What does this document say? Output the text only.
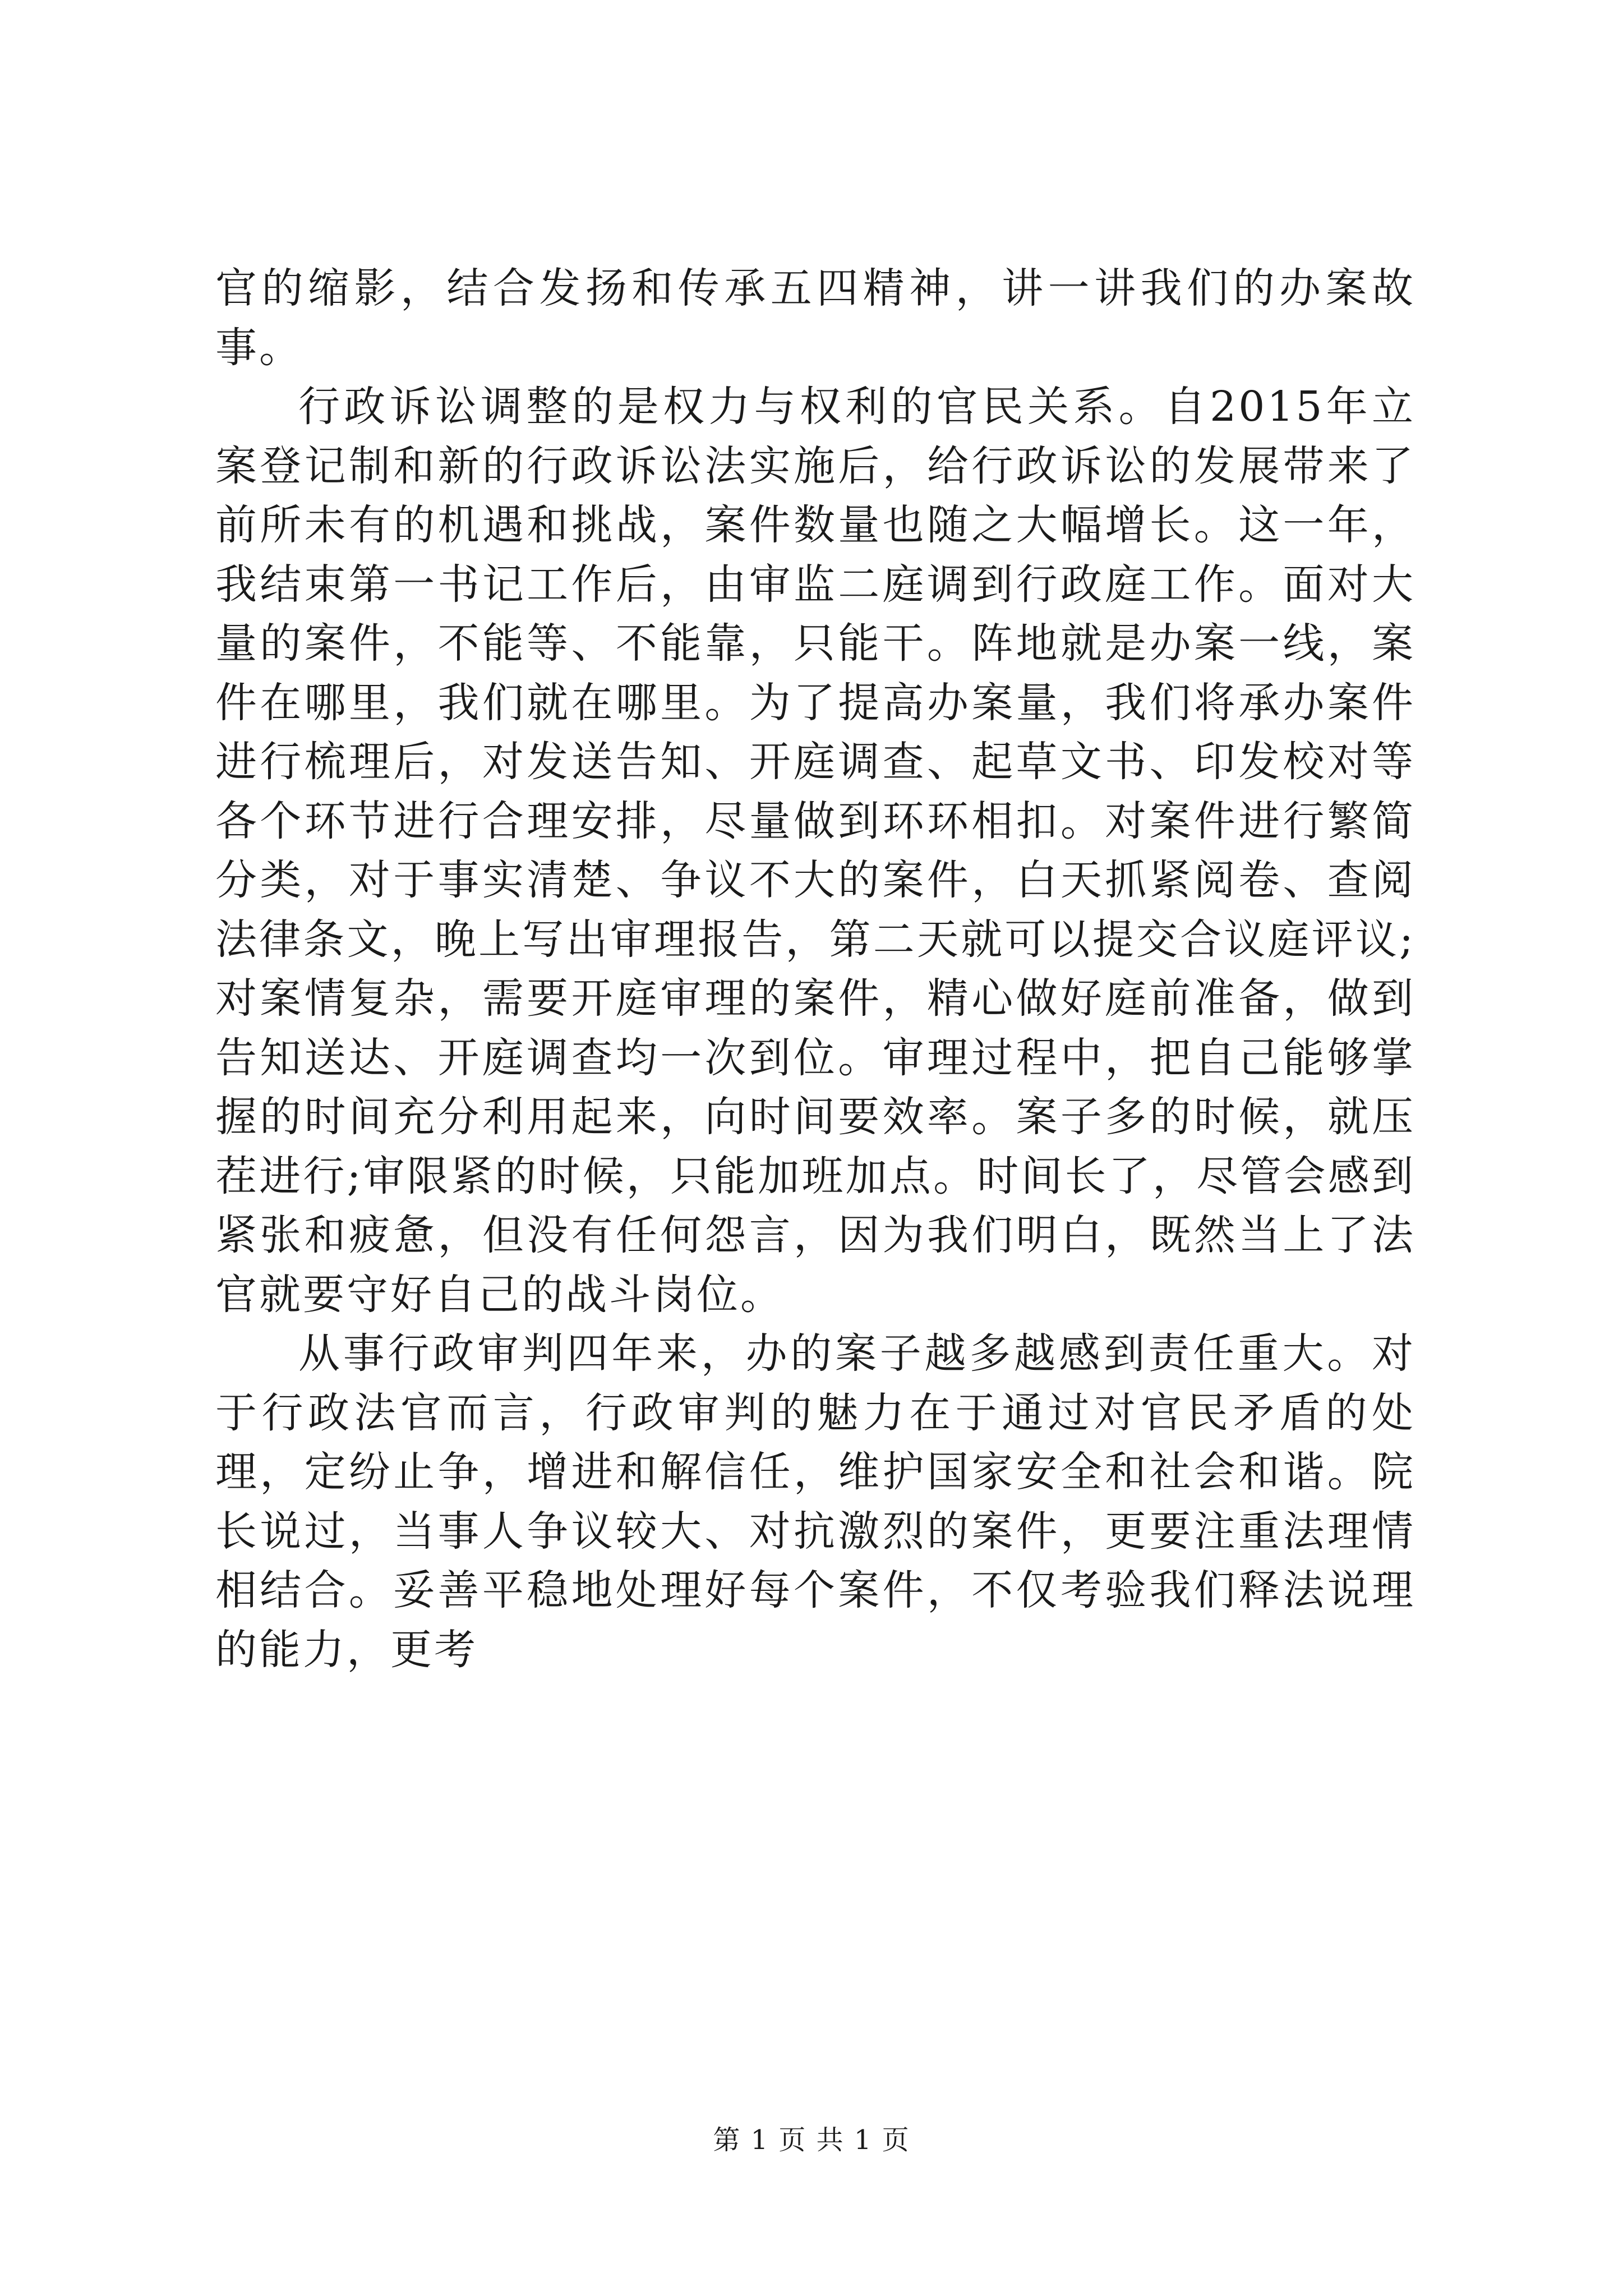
官的缩影，结合发扬和传承五四精神，讲一讲我们的办案故事。

行政诉讼调整的是权力与权利的官民关系。自2015年立案登记制和新的行政诉讼法实施后，给行政诉讼的发展带来了前所未有的机遇和挑战，案件数量也随之大幅增长。这一年，我结束第一书记工作后，由审监二庭调到行政庭工作。面对大量的案件，不能等、不能靠，只能干。阵地就是办案一线，案件在哪里，我们就在哪里。为了提高办案量，我们将承办案件进行梳理后，对发送告知、开庭调查、起草文书、印发校对等各个环节进行合理安排，尽量做到环环相扣。对案件进行繁简分类，对于事实清楚、争议不大的案件，白天抓紧阅卷、查阅法律条文，晚上写出审理报告，第二天就可以提交合议庭评议;对案情复杂，需要开庭审理的案件，精心做好庭前准备，做到告知送达、开庭调查均一次到位。审理过程中，把自己能够掌握的时间充分利用起来，向时间要效率。案子多的时候，就压茬进行;审限紧的时候，只能加班加点。时间长了，尽管会感到紧张和疲惫，但没有任何怨言，因为我们明白，既然当上了法官就要守好自己的战斗岗位。

从事行政审判四年来，办的案子越多越感到责任重大。对于行政法官而言，行政审判的魅力在于通过对官民矛盾的处理，定纷止争，增进和解信任，维护国家安全和社会和谐。院长说过，当事人争议较大、对抗激烈的案件，更要注重法理情相结合。妥善平稳地处理好每个案件，不仅考验我们释法说理的能力，更考

第 1 页 共 1 页
